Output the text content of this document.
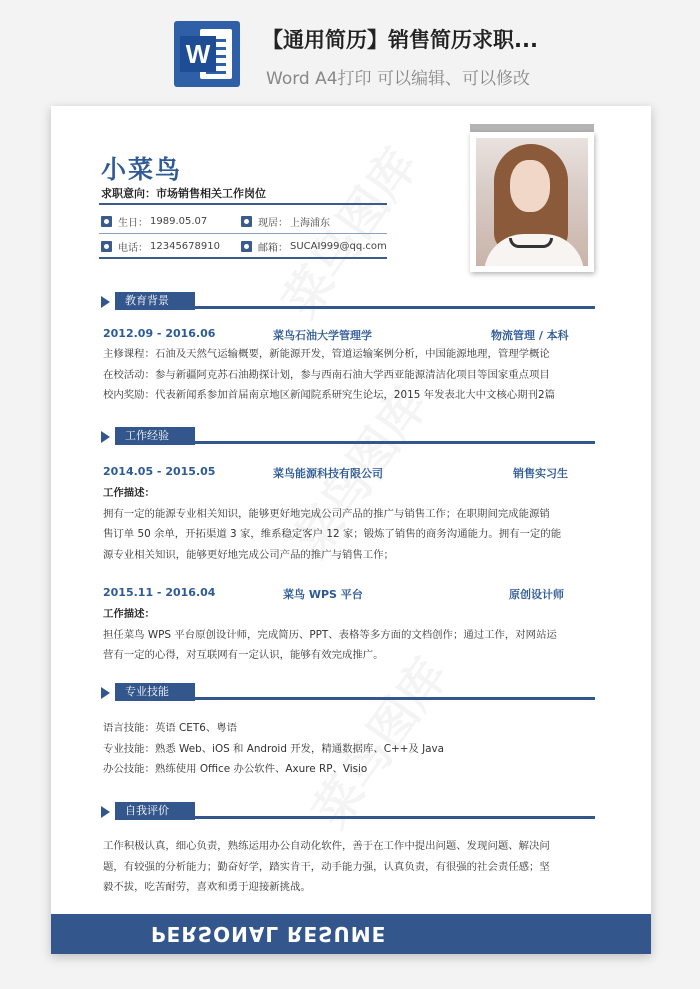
W 【通用简历】销售简历求职...
Word A4打印 可以编辑、可以修改
小菜鸟
求职意向：市场销售相关工作岗位
生日： 1989.05.07	现居： 上海浦东
电话： 12345678910	邮箱： SUCAI999@qq.com
教育背景
2012.09 - 2016.06	菜鸟石油大学管理学	物流管理 / 本科

主修课程：石油及天然气运输概要，新能源开发，管道运输案例分析，中国能源地理，管理学概论

在校活动：参与新疆阿克苏石油勘探计划，参与西南石油大学西亚能源清洁化项目等国家重点项目

校内奖励：代表新闻系参加首届南京地区新闻院系研究生论坛，2015 年发表北大中文核心期刊2篇

工作经验
2014.05 - 2015.05	菜鸟能源科技有限公司	销售实习生

工作描述：

拥有一定的能源专业相关知识，能够更好地完成公司产品的推广与销售工作；在职期间完成能源销

售订单 50 余单，开拓渠道 3 家，维系稳定客户 12 家；锻炼了销售的商务沟通能力。拥有一定的能

源专业相关知识，能够更好地完成公司产品的推广与销售工作；

2015.11 - 2016.04	菜鸟 WPS 平台	原创设计师

工作描述：

担任菜鸟 WPS 平台原创设计师，完成简历、PPT、表格等多方面的文档创作；通过工作，对网站运

营有一定的心得，对互联网有一定认识，能够有效完成推广。

专业技能

语言技能：英语 CET6、粤语

专业技能：熟悉 Web、iOS 和 Android 开发，精通数据库、C++及 Java

办公技能：熟练使用 Office 办公软件、Axure RP、Visio

自我评价

工作积极认真，细心负责，熟练运用办公自动化软件，善于在工作中提出问题、发现问题、解决问

题，有较强的分析能力；勤奋好学，踏实肯干，动手能力强，认真负责，有很强的社会责任感；坚

毅不拔，吃苦耐劳，喜欢和勇于迎接新挑战。

PERSONAL RESUME
